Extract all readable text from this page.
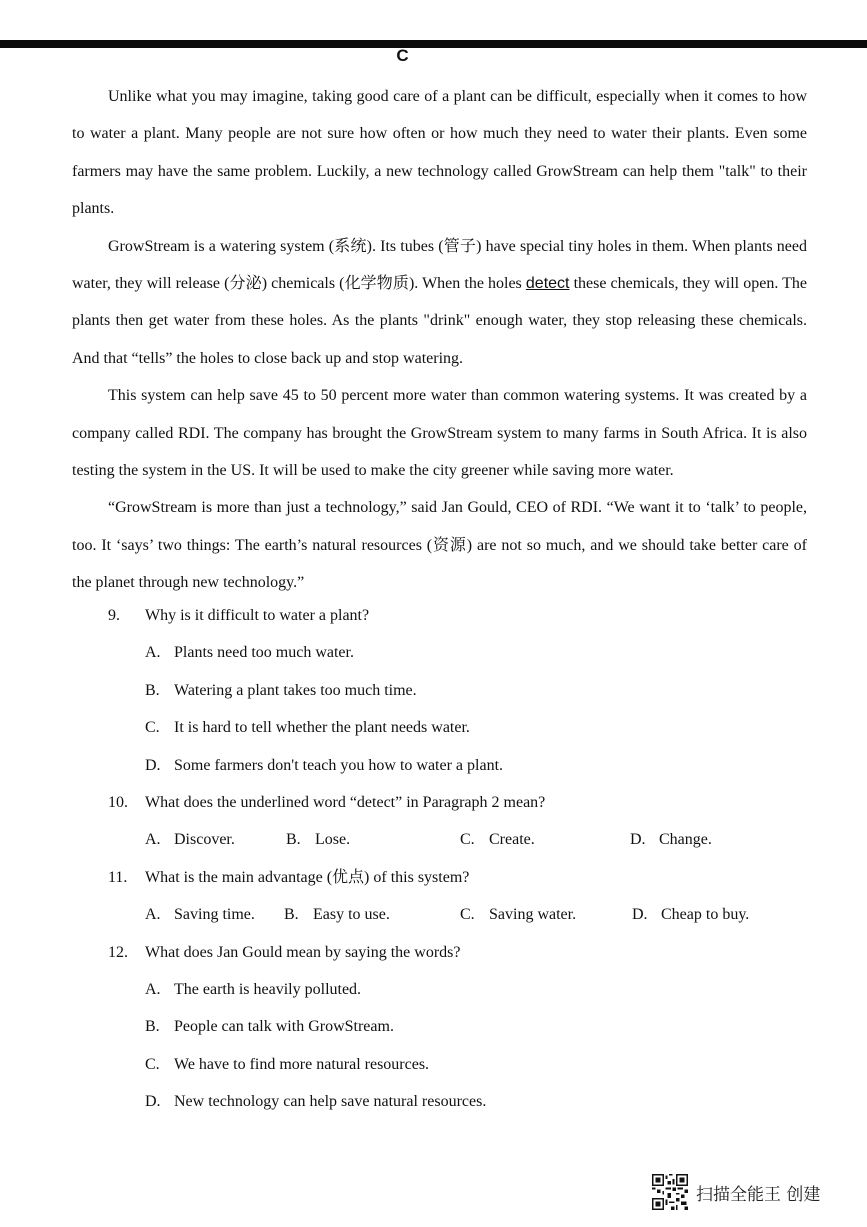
C

Unlike what you may imagine, taking good care of a plant can be difficult, especially when it comes to how to water a plant. Many people are not sure how often or how much they need to water their plants. Even some farmers may have the same problem. Luckily, a new technology called GrowStream can help them "talk" to their plants.

GrowStream is a watering system (系统). Its tubes (管子) have special tiny holes in them. When plants need water, they will release (分泌) chemicals (化学物质). When the holes detect these chemicals, they will open. The plants then get water from these holes. As the plants "drink" enough water, they stop releasing these chemicals. And that “tells” the holes to close back up and stop watering.

This system can help save 45 to 50 percent more water than common watering systems. It was created by a company called RDI. The company has brought the GrowStream system to many farms in South Africa. It is also testing the system in the US. It will be used to make the city greener while saving more water.

“GrowStream is more than just a technology,” said Jan Gould, CEO of RDI. “We want it to ‘talk’ to people, too. It ‘says’ two things: The earth’s natural resources (资源) are not so much, and we should take better care of the planet through new technology.”

9. Why is it difficult to water a plant?
A. Plants need too much water.
B. Watering a plant takes too much time.
C. It is hard to tell whether the plant needs water.
D. Some farmers don't teach you how to water a plant.
10. What does the underlined word “detect” in Paragraph 2 mean?
A. Discover.	B. Lose.	C. Create.	D. Change.
11. What is the main advantage (优点) of this system?
A. Saving time. B. Easy to use.	C. Saving water.	D. Cheap to buy.
12. What does Jan Gould mean by saying the words?
A. The earth is heavily polluted.
B. People can talk with GrowStream.
C. We have to find more natural resources.
D. New technology can help save natural resources.
扫描全能王 创建
